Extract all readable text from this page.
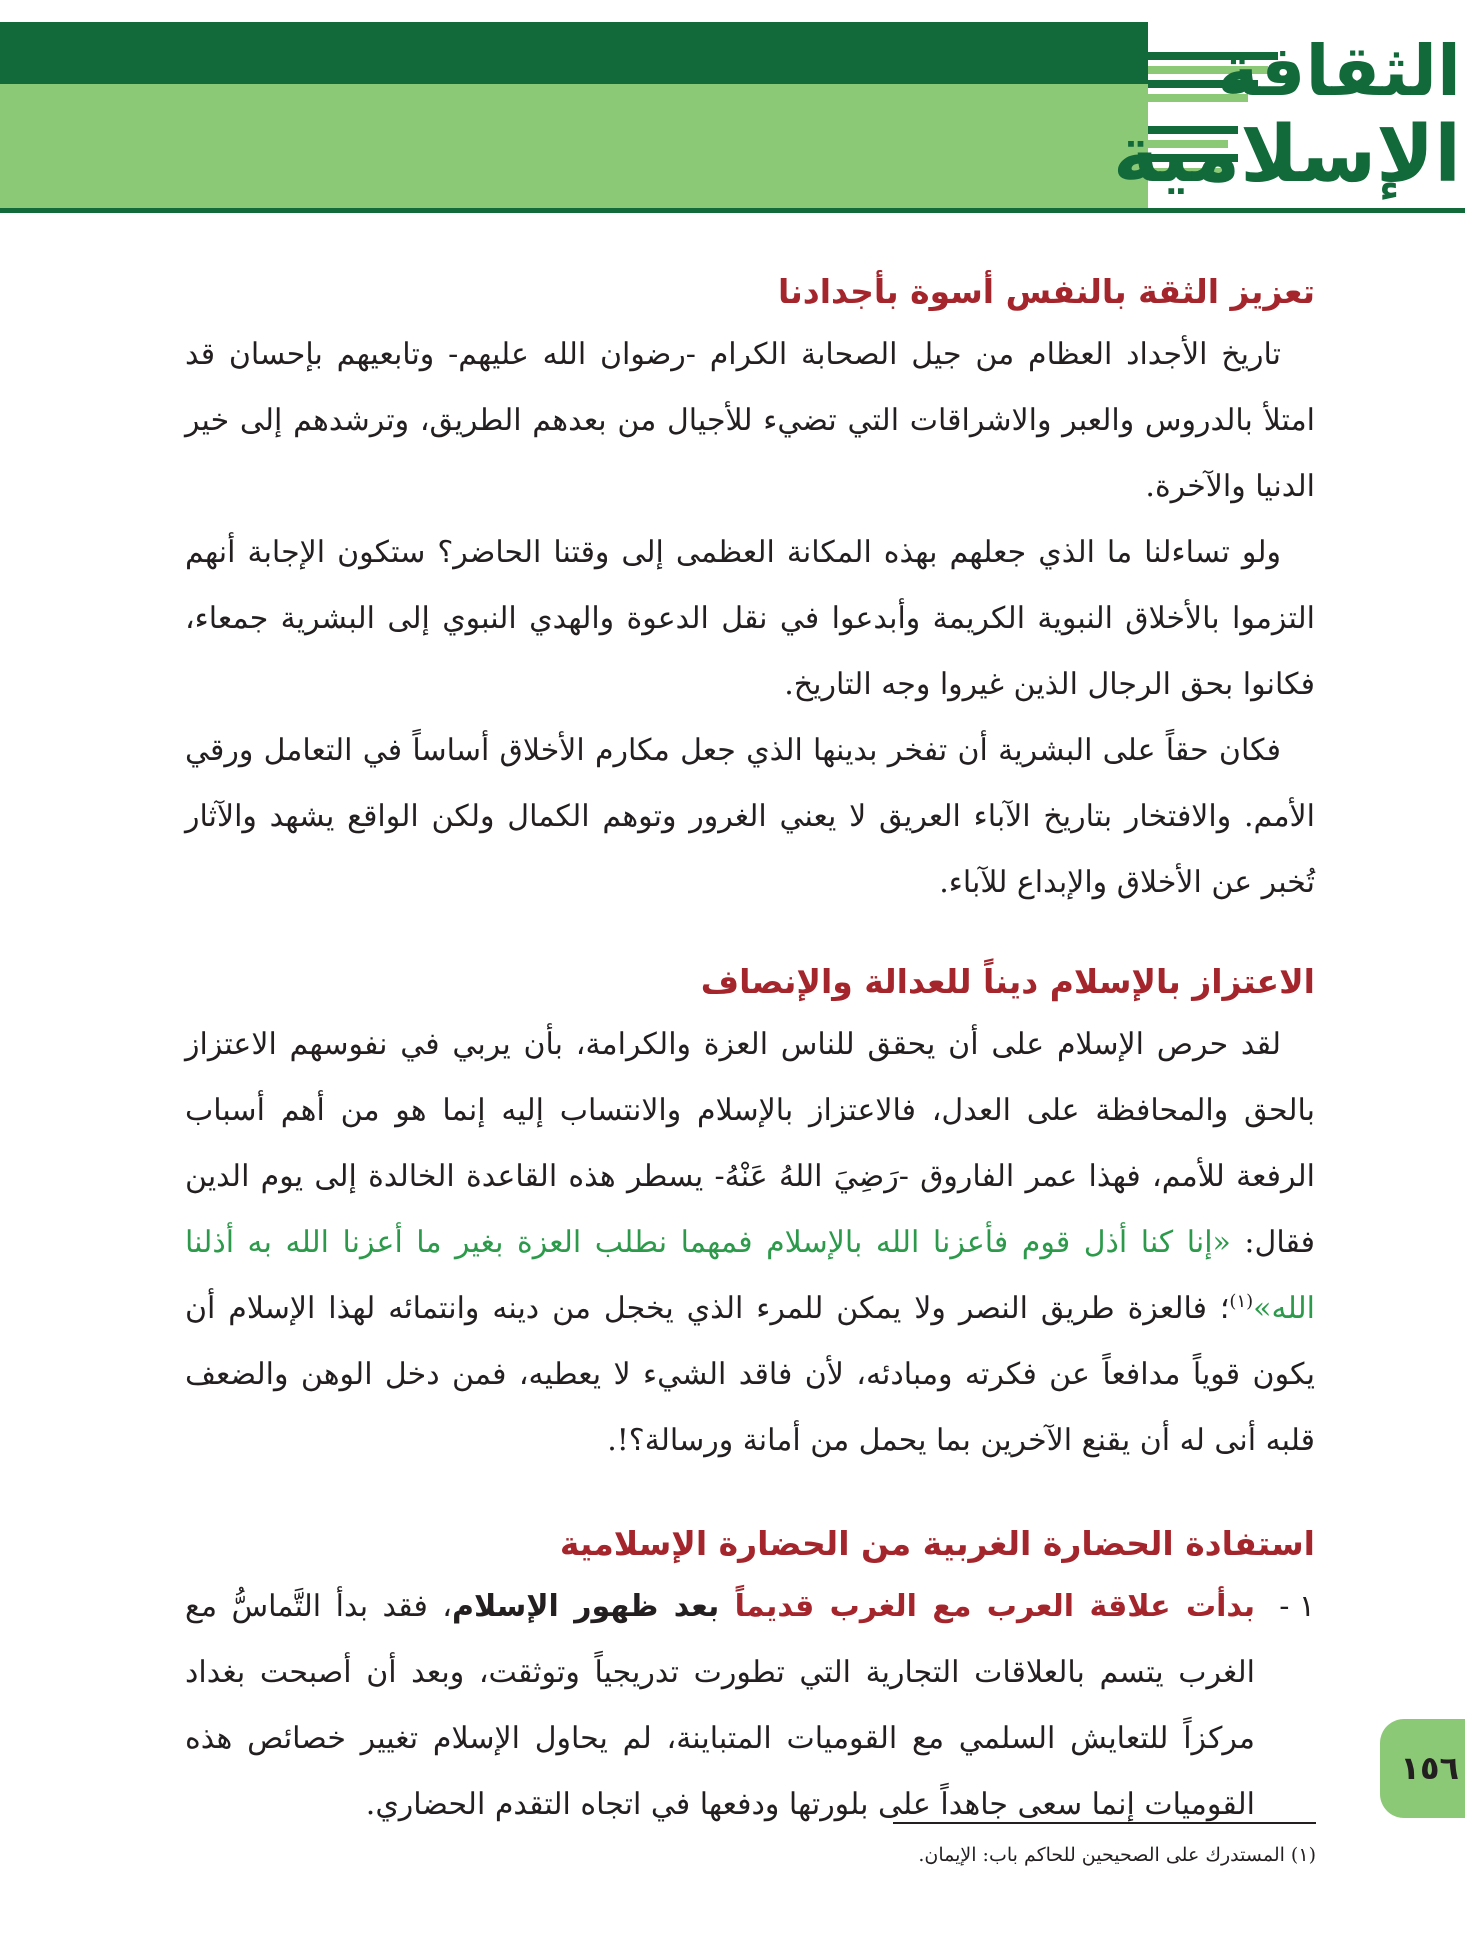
الثقافة
الإسلامية
تعزيز الثقة بالنفس أسوة بأجدادنا

تاريخ الأجداد العظام من جيل الصحابة الكرام -رضوان الله عليهم- وتابعيهم بإحسان قد امتلأ بالدروس والعبر والاشراقات التي تضيء للأجيال من بعدهم الطريق، وترشدهم إلى خير الدنيا والآخرة.

ولو تساءلنا ما الذي جعلهم بهذه المكانة العظمى إلى وقتنا الحاضر؟ ستكون الإجابة أنهم التزموا بالأخلاق النبوية الكريمة وأبدعوا في نقل الدعوة والهدي النبوي إلى البشرية جمعاء، فكانوا بحق الرجال الذين غيروا وجه التاريخ.

فكان حقاً على البشرية أن تفخر بدينها الذي جعل مكارم الأخلاق أساساً في التعامل ورقي الأمم. والافتخار بتاريخ الآباء العريق لا يعني الغرور وتوهم الكمال ولكن الواقع يشهد والآثار تُخبر عن الأخلاق والإبداع للآباء.

الاعتزاز بالإسلام ديناً للعدالة والإنصاف

لقد حرص الإسلام على أن يحقق للناس العزة والكرامة، بأن يربي في نفوسهم الاعتزاز بالحق والمحافظة على العدل، فالاعتزاز بالإسلام والانتساب إليه إنما هو من أهم أسباب الرفعة للأمم، فهذا عمر الفاروق -رَضِيَ اللهُ عَنْهُ- يسطر هذه القاعدة الخالدة إلى يوم الدين فقال: «إنا كنا أذل قوم فأعزنا الله بالإسلام فمهما نطلب العزة بغير ما أعزنا الله به أذلنا الله»$^{(١)}$؛ فالعزة طريق النصر ولا يمكن للمرء الذي يخجل من دينه وانتمائه لهذا الإسلام أن يكون قوياً مدافعاً عن فكرته ومبادئه، لأن فاقد الشيء لا يعطيه، فمن دخل الوهن والضعف قلبه أنى له أن يقنع الآخرين بما يحمل من أمانة ورسالة؟!.

استفادة الحضارة الغربية من الحضارة الإسلامية

١ -
بدأت علاقة العرب مع الغرب قديماً بعد ظهور الإسلام، فقد بدأ التَّماسُّ مع الغرب يتسم بالعلاقات التجارية التي تطورت تدريجياً وتوثقت، وبعد أن أصبحت بغداد مركزاً للتعايش السلمي مع القوميات المتباينة، لم يحاول الإسلام تغيير خصائص هذه القوميات إنما سعى جاهداً على بلورتها ودفعها في اتجاه التقدم الحضاري.

(١) المستدرك على الصحيحين للحاكم باب: الإيمان.
١٥٦
